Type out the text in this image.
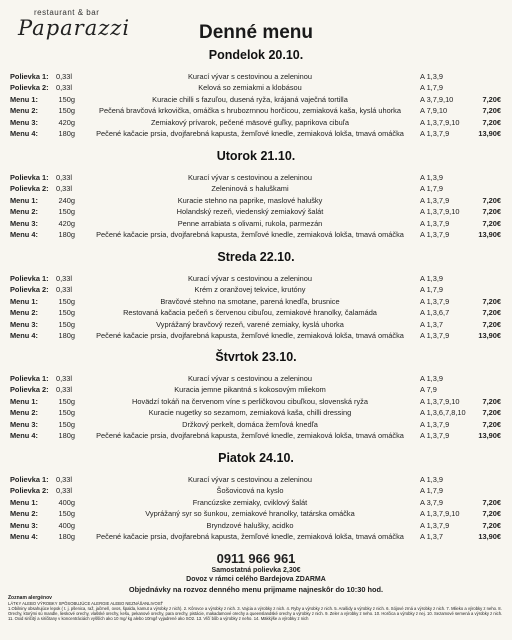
restaurant & bar
Paparazzi	Denné menu
Pondelok 20.10.
Polievka 1: 0,33l	Kurací vývar s cestovinou a zeleninou	A 1,3,9
Polievka 2: 0,33l	Kelová so zemiakmi a klobásou	A 1,7,9
Menu 1:	150g	Kuracie chilli s fazuľou, dusená ryža, krájaná vaječná tortilla	A 3,7,9,10	7,20€
Menu 2:	150g	Pečená bravčová krkovička, omáčka s hrubozrnnou horčicou, zemiaková kaša, kyslá uhorka	A 7,9,10	7,20€
Menu 3:	420g	Zemiakový prívarok, pečené mäsové guľky, paprikova cibuľa	A 1,3,7,9,10	7,20€
Menu 4:	180g	Pečené kačacie prsia, dvojfarebná kapusta, žemľové knedle, zemiaková lokša, tmavá omáčka	A 1,3,7,9	13,90€
Utorok 21.10.
Polievka 1: 0,33l	Kurací vývar s cestovinou a zeleninou	A 1,3,9
Polievka 2: 0,33l	Zeleninová s haluškami	A 1,7,9
Menu 1:	240g	Kuracie stehno na paprike, maslové halušky	A 1,3,7,9	7,20€
Menu 2:	150g	Holandský rezeň, viedenský zemiakový šalát	A 1,3,7,9,10	7,20€
Menu 3:	420g	Penne arrabiata s olivami, rukola, parmezán	A 1,3,7,9	7,20€
Menu 4:	180g	Pečené kačacie prsia, dvojfarebná kapusta, žemľové knedle, zemiaková lokša, tmavá omáčka	A 1,3,7,9	13,90€
Streda 22.10.
Polievka 1: 0,33l	Kurací vývar s cestovinou a zeleninou	A 1,3,9
Polievka 2: 0,33l	Krém z oranžovej tekvice, krutóny	A 1,7,9
Menu 1:	150g	Bravčové stehno na smotane, parená knedľa, brusnice	A 1,3,7,9	7,20€
Menu 2:	150g	Restovaná kačacia pečeň s červenou cibuľou, zemiakové hranolky, čalamáda	A 1,3,6,7	7,20€
Menu 3:	150g	Vyprážaný bravčový rezeň, varené zemiaky, kyslá uhorka	A 1,3,7	7,20€
Menu 4:	180g	Pečené kačacie prsia, dvojfarebná kapusta, žemľové knedle, zemiaková lokša, tmavá omáčka	A 1,3,7,9	13,90€
Štvrtok 23.10.
Polievka 1: 0,33l	Kurací vývar s cestovinou a zeleninou	A 1,3,9
Polievka 2: 0,33l	Kuracia jemne pikantná s kokosovým mliekom	A 7,9
Menu 1:	150g	Hovädzí tokáň na červenom víne s perličkovou cibuľkou, slovenská ryža	A 1,3,7,9,10	7,20€
Menu 2:	150g	Kuracie nugetky so sezamom, zemiaková kaša, chilli dressing	A 1,3,6,7,8,10	7,20€
Menu 3:	150g	Držkový perkelt, domáca žemľová knedľa	A 1,3,7,9	7,20€
Menu 4:	180g	Pečené kačacie prsia, dvojfarebná kapusta, žemľové knedle, zemiaková lokša, tmavá omáčka	A 1,3,7,9	13,90€
Piatok 24.10.
Polievka 1: 0,33l	Kurací vývar s cestovinou a zeleninou	A 1,3,9
Polievka 2: 0,33l	Šošovicová na kyslo	A 1,7,9
Menu 1:	400g	Francúzske zemiaky, cviklový šalát	A 3,7,9	7,20€
Menu 2:	150g	Vyprážaný syr so šunkou, zemiakové hranolky, tatárska omáčka	A 1,3,7,9,10	7,20€
Menu 3:	400g	Bryndzové halušky, acidko	A 1,3,7,9	7,20€
Menu 4:	180g	Pečené kačacie prsia, dvojfarebná kapusta, žemľové knedle, zemiaková lokša, tmavá omáčka	A 1,3,7	13,90€
0911 966 961
Samostatná polievka 2,30€
Dovoz v rámci celého Bardejova ZDARMA
Objednávky na rozvoz denného menu prijmame najneskôr do 10:30 hod.
Zoznam alergénov
LÁTKY ALEBO VÝROBKY SPÔSOBUJÚCE ALERGIE ALEBO NEZNÁŠANLIVOSŤ
1.Obilniny obsahujúce lepok ( t. j. pšenica, raž, jačmeň, ovos, špalda, kamut a výrobky z nich). 2. Kôrovce a výrobky z nich. 3. Vajcia a výrobky z nich. 4. Ryby a výrobky z nich. 5. Arašidy a výrobky z nich. 6. Sójové zrná a výrobky z nich. 7. Mlieko a výrobky z neho. 8. Orechy, ktorými sú mandle, lieskové orechy, vlašské orechy, kešu, pekanové orechy, para orechy, pistácie, makadamové orechy a queenslandské orechy a výrobky z nich. 9. Zeler a výrobky z neho. 10. Horčica a výrobky z nej. 10. Sezamové semená a výrobky z nich. 11. Oxid siričitý a siričitany v koncentráciách vyšších ako 10 mg/ kg alebo 10mg/l vyjadrené ako SO2. 13. Vlčí bôb a výrobky z neho. 14. Mäkkýše a výrobky z nich
